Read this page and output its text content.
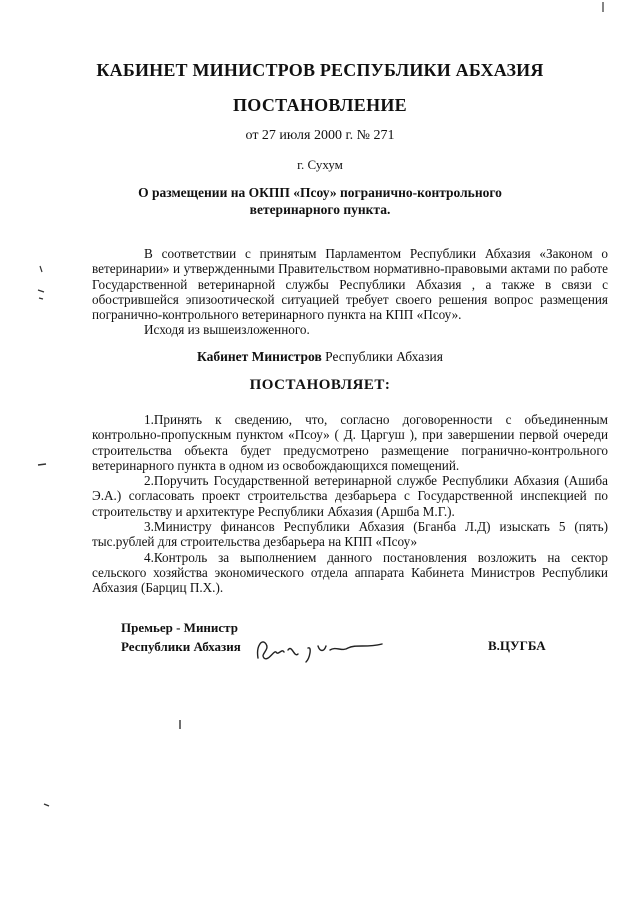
КАБИНЕТ МИНИСТРОВ РЕСПУБЛИКИ АБХАЗИЯ
ПОСТАНОВЛЕНИЕ
от 27 июля 2000 г. № 271
г. Сухум
О размещении на ОКПП «Псоу» погранично-контрольного
ветеринарного пункта.

В соответствии с принятым Парламентом Республики Абхазия «Законом о ветеринарии» и утвержденными Правительством нормативно-правовыми актами по работе Государственной ветеринарной службы Республики Абхазия , а также в связи с обострившейся эпизоотической ситуацией требует своего решения вопрос размещения погранично-контрольного ветеринарного пункта на КПП «Псоу».

Исходя из вышеизложенного.

Кабинет Министров Республики Абхазия
ПОСТАНОВЛЯЕТ:

1.Принять к сведению, что, согласно договоренности с объединенным контрольно-пропускным пунктом «Псоу» ( Д. Царгуш ), при завершении первой очереди строительства объекта будет предусмотрено размещение погранично-контрольного ветеринарного пункта в одном из освобождающихся помещений.

2.Поручить Государственной ветеринарной службе Республики Абхазия (Ашиба Э.А.) согласовать проект строительства дезбарьера с Государственной инспекцией по строительству и архитектуре Республики Абхазия (Аршба М.Г.).

3.Министру финансов Республики Абхазия (Бганба Л.Д) изыскать 5 (пять) тыс.рублей для строительства дезбарьера на КПП «Псоу»

4.Контроль за выполнением данного постановления возложить на сектор сельского хозяйства экономического отдела аппарата Кабинета Министров Республики Абхазия (Барциц П.Х.).

Премьер - Министр
Республики Абхазия	В.ЦУГБА
